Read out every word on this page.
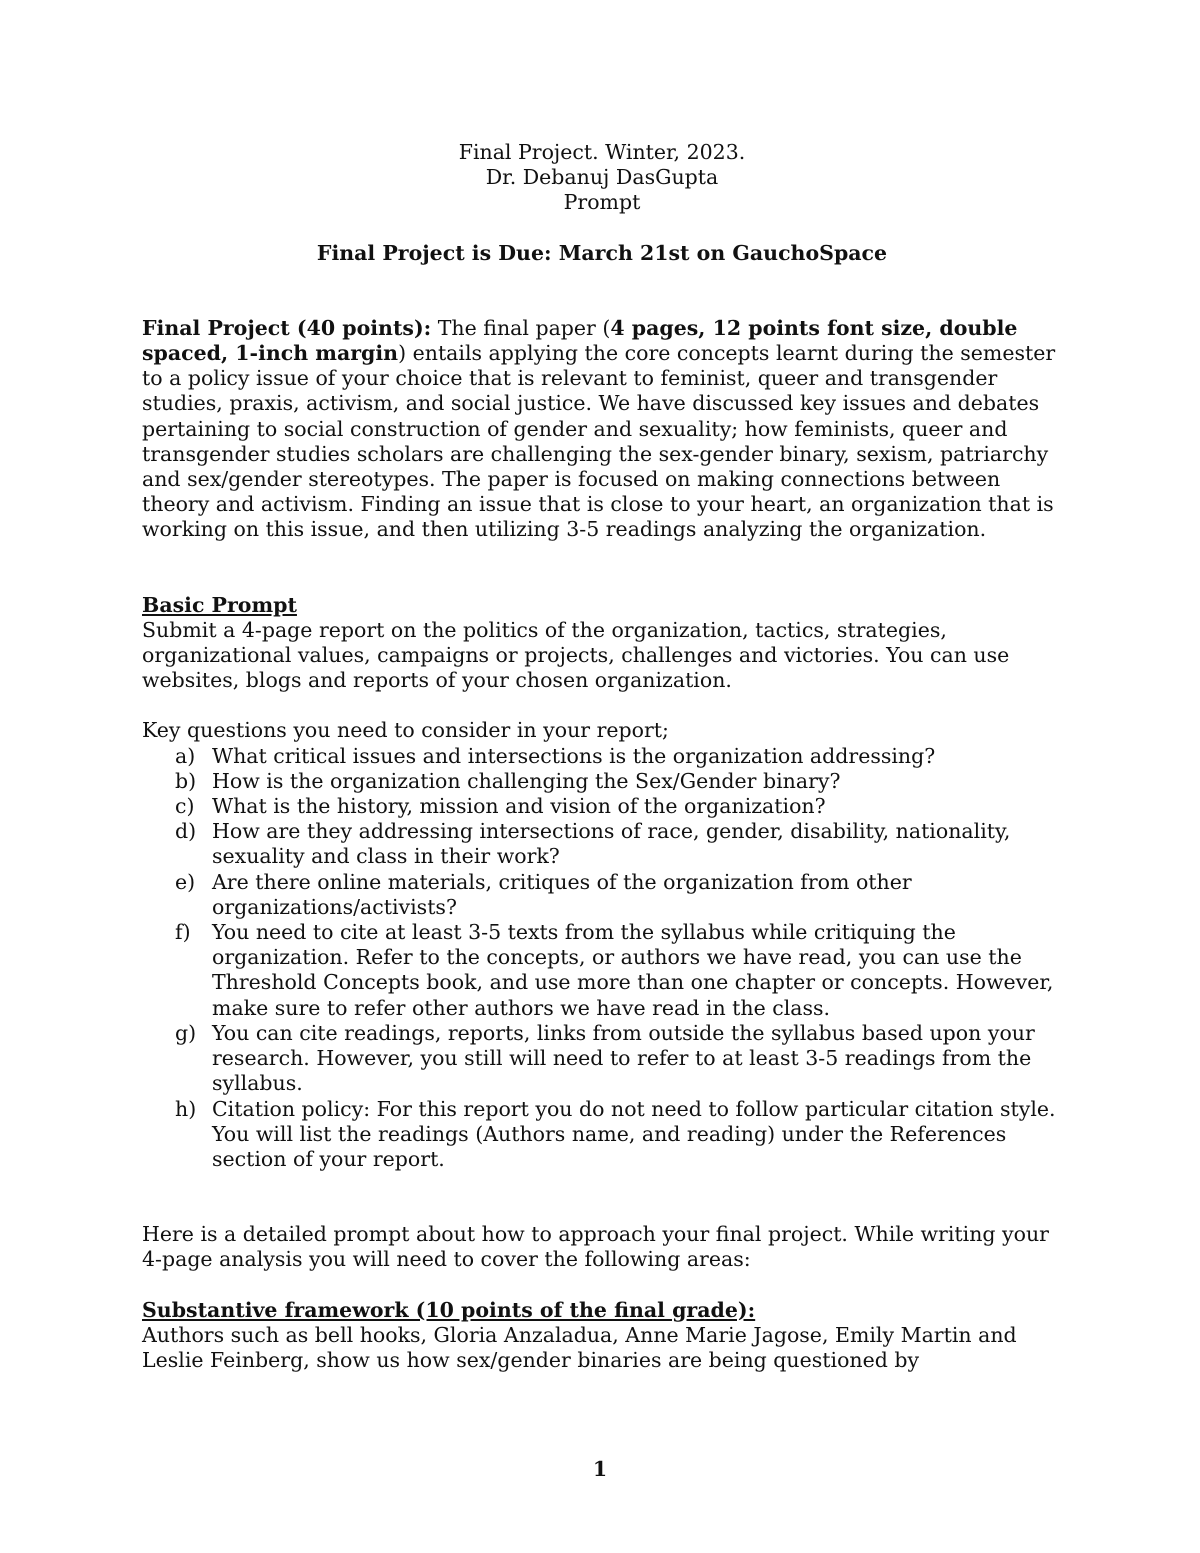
Final Project. Winter, 2023.

Dr. Debanuj DasGupta

Prompt

Final Project is Due: March 21st on GauchoSpace

Final Project (40 points): The final paper (4 pages, 12 points font size, double spaced, 1-inch margin) entails applying the core concepts learnt during the semester to a policy issue of your choice that is relevant to feminist, queer and transgender studies, praxis, activism, and social justice. We have discussed key issues and debates pertaining to social construction of gender and sexuality; how feminists, queer and transgender studies scholars are challenging the sex-gender binary, sexism, patriarchy and sex/gender stereotypes. The paper is focused on making connections between theory and activism. Finding an issue that is close to your heart, an organization that is working on this issue, and then utilizing 3-5 readings analyzing the organization.

Basic Prompt

Submit a 4-page report on the politics of the organization, tactics, strategies, organizational values, campaigns or projects, challenges and victories. You can use websites, blogs and reports of your chosen organization.

Key questions you need to consider in your report;

a) What critical issues and intersections is the organization addressing?
b) How is the organization challenging the Sex/Gender binary?
c) What is the history, mission and vision of the organization?
d) How are they addressing intersections of race, gender, disability, nationality, sexuality and class in their work?
e) Are there online materials, critiques of the organization from other organizations/activists?
f) You need to cite at least 3-5 texts from the syllabus while critiquing the organization. Refer to the concepts, or authors we have read, you can use the Threshold Concepts book, and use more than one chapter or concepts. However, make sure to refer other authors we have read in the class.
g) You can cite readings, reports, links from outside the syllabus based upon your research. However, you still will need to refer to at least 3-5 readings from the syllabus.
h) Citation policy: For this report you do not need to follow particular citation style. You will list the readings (Authors name, and reading) under the References section of your report.

Here is a detailed prompt about how to approach your final project. While writing your 4-page analysis you will need to cover the following areas:

Substantive framework (10 points of the final grade):

Authors such as bell hooks, Gloria Anzaladua, Anne Marie Jagose, Emily Martin and Leslie Feinberg, show us how sex/gender binaries are being questioned by

1
